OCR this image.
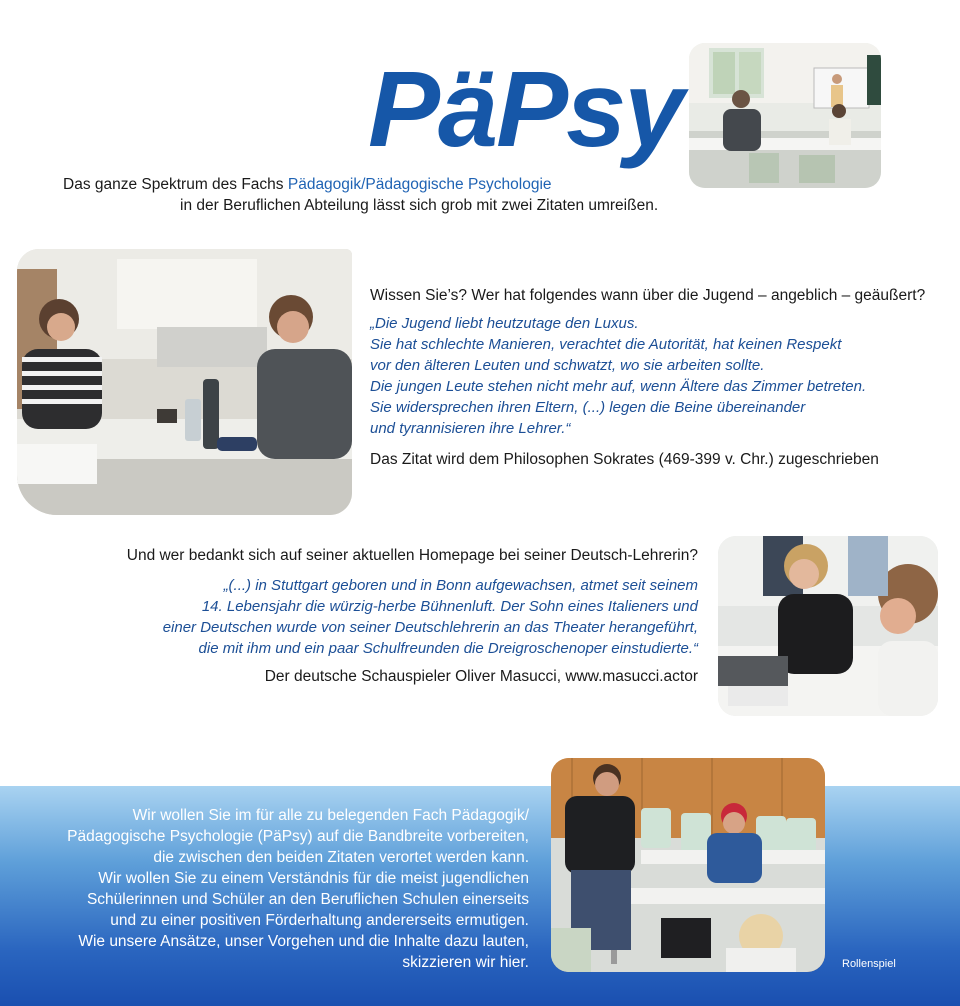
PäPsy
Das ganze Spektrum des Fachs Pädagogik/Pädagogische Psychologie
in der Beruflichen Abteilung lässt sich grob mit zwei Zitaten umreißen.
Wissen Sie’s? Wer hat folgendes wann über die Jugend – angeblich – geäußert?
„Die Jugend liebt heutzutage den Luxus.
Sie hat schlechte Manieren, verachtet die Autorität, hat keinen Respekt
vor den älteren Leuten und schwatzt, wo sie arbeiten sollte.
Die jungen Leute stehen nicht mehr auf, wenn Ältere das Zimmer betreten.
Sie widersprechen ihren Eltern, (...) legen die Beine übereinander
und tyrannisieren ihre Lehrer.“
Das Zitat wird dem Philosophen Sokrates (469-399 v. Chr.) zugeschrieben
Und wer bedankt sich auf seiner aktuellen Homepage bei seiner Deutsch-Lehrerin?
„(...) in Stuttgart geboren und in Bonn aufgewachsen, atmet seit seinem
14. Lebensjahr die würzig-herbe Bühnenluft. Der Sohn eines Italieners und
einer Deutschen wurde von seiner Deutschlehrerin an das Theater herangeführt,
die mit ihm und ein paar Schulfreunden die Dreigroschenoper einstudierte.“
Der deutsche Schauspieler Oliver Masucci, www.masucci.actor
Wir wollen Sie im für alle zu belegenden Fach Pädagogik/
Pädagogische Psychologie (PäPsy) auf die Bandbreite vorbereiten,
die zwischen den beiden Zitaten verortet werden kann.
Wir wollen Sie zu einem Verständnis für die meist jugendlichen
Schülerinnen und Schüler an den Beruflichen Schulen einerseits
und zu einer positiven Förderhaltung andererseits ermutigen.
Wie unsere Ansätze, unser Vorgehen und die Inhalte dazu lauten,
skizzieren wir hier.	Rollenspiel
